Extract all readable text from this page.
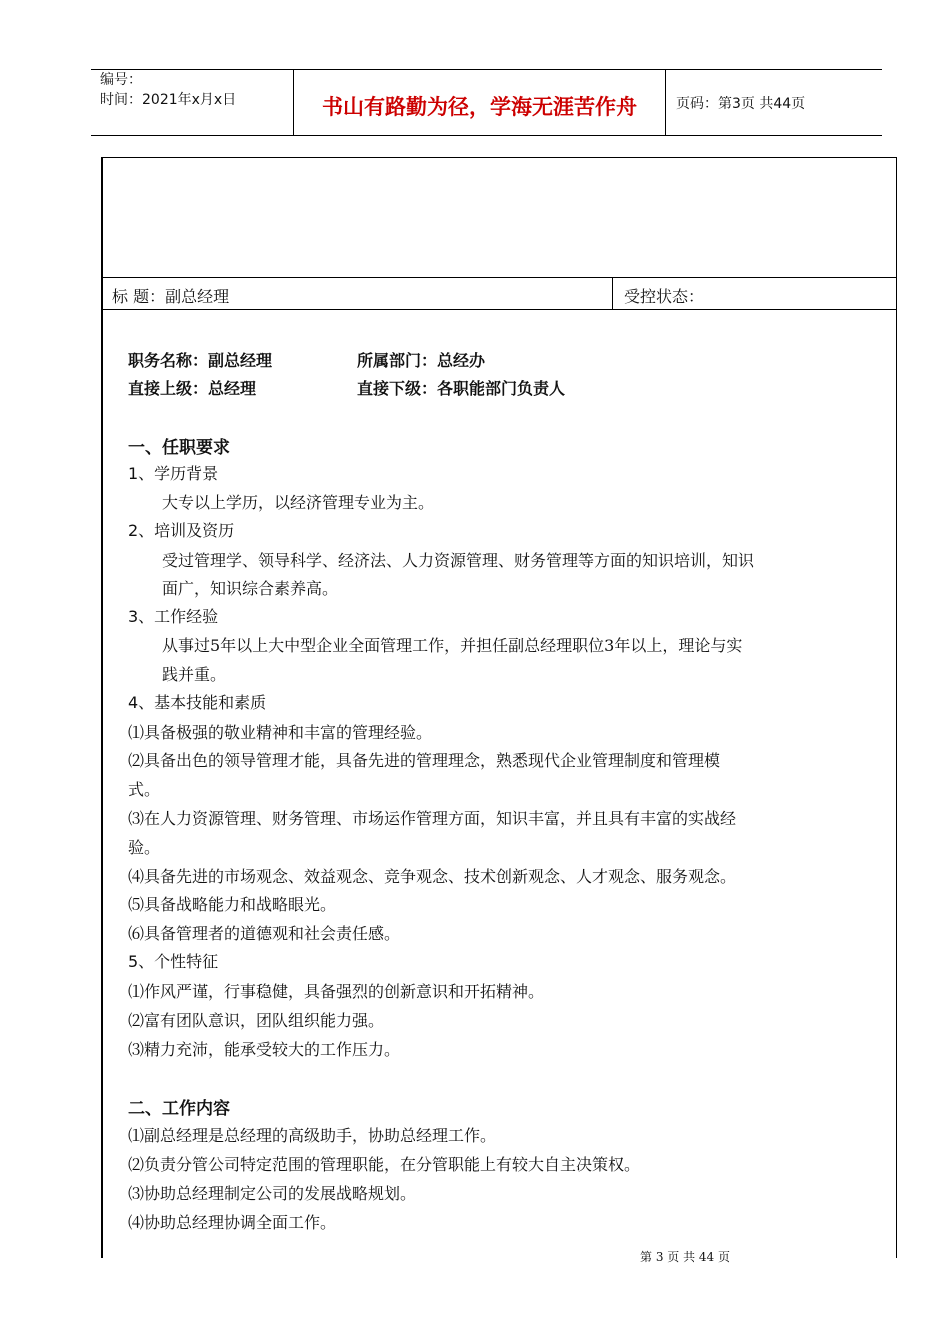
编号：
时间：2021年x月x日	书山有路勤为径，学海无涯苦作舟	页码：第3页 共44页
标 题：副总经理	受控状态：
职务名称：副总经理	所属部门：总经办
直接上级：总经理	直接下级：各职能部门负责人
一、任职要求
1、学历背景
大专以上学历，以经济管理专业为主。
2、培训及资历
受过管理学、领导科学、经济法、人力资源管理、财务管理等方面的知识培训，知识
面广，知识综合素养高。
3、工作经验
从事过5年以上大中型企业全面管理工作，并担任副总经理职位3年以上，理论与实
践并重。
4、基本技能和素质
⑴具备极强的敬业精神和丰富的管理经验。
⑵具备出色的领导管理才能，具备先进的管理理念，熟悉现代企业管理制度和管理模
式。
⑶在人力资源管理、财务管理、市场运作管理方面，知识丰富，并且具有丰富的实战经
验。
⑷具备先进的市场观念、效益观念、竞争观念、技术创新观念、人才观念、服务观念。
⑸具备战略能力和战略眼光。
⑹具备管理者的道德观和社会责任感。
5、个性特征
⑴作风严谨，行事稳健，具备强烈的创新意识和开拓精神。
⑵富有团队意识，团队组织能力强。
⑶精力充沛，能承受较大的工作压力。
二、工作内容
⑴副总经理是总经理的高级助手，协助总经理工作。
⑵负责分管公司特定范围的管理职能，在分管职能上有较大自主决策权。
⑶协助总经理制定公司的发展战略规划。
⑷协助总经理协调全面工作。
第 3 页 共 44 页
